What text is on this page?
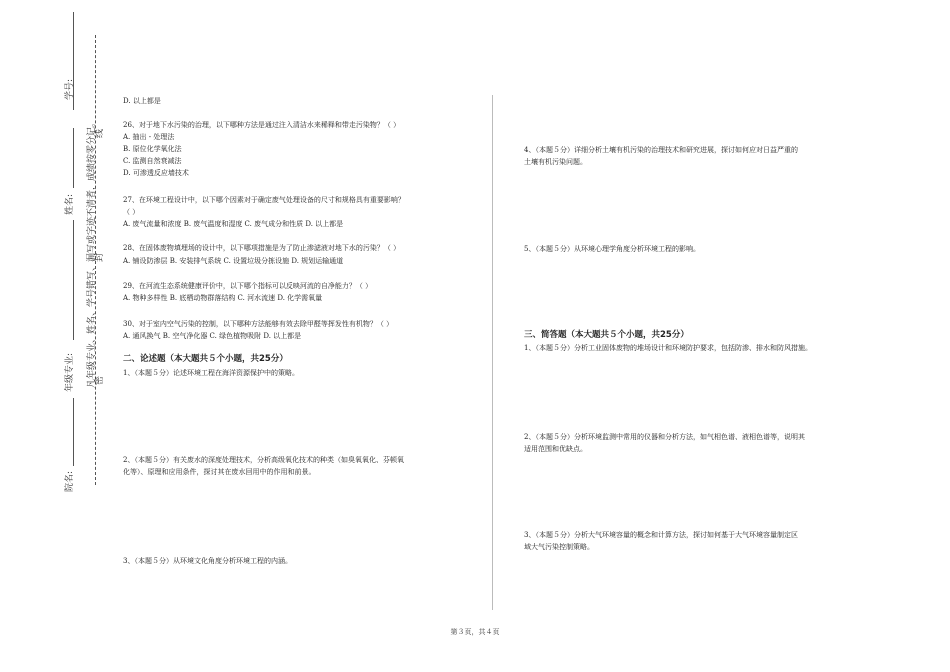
学号:
姓名:
年级专业:
院名:
凡年级专业、姓名、学号错写、漏写或字迹不清者，成绩按零分记。
线
封
密
D. 以上都是
26、对于地下水污染的治理，以下哪种方法是通过注入清洁水来稀释和带走污染物？（ ）
A. 抽出 - 处理法
B. 原位化学氧化法
C. 监测自然衰减法
D. 可渗透反应墙技术
27、在环境工程设计中，以下哪个因素对于确定废气处理设备的尺寸和规格具有重要影响？
（ ）
A. 废气流量和浓度 B. 废气温度和湿度 C. 废气成分和性质 D. 以上都是
28、在固体废物填埋场的设计中，以下哪项措施是为了防止渗滤液对地下水的污染？（ ）
A. 铺设防渗层 B. 安装排气系统 C. 设置垃圾分拣设施 D. 规划运输通道
29、在河流生态系统健康评价中，以下哪个指标可以反映河流的自净能力？（ ）
A. 物种多样性 B. 底栖动物群落结构 C. 河水流速 D. 化学需氧量
30、对于室内空气污染的控制，以下哪种方法能够有效去除甲醛等挥发性有机物？（ ）
A. 通风换气 B. 空气净化器 C. 绿色植物吸附 D. 以上都是
二、论述题（本大题共５个小题，共25分）
1、（本题５分）论述环境工程在海洋资源保护中的策略。
2、（本题５分）有关废水的深度处理技术，分析高级氧化技术的种类（如臭氧氧化、芬顿氧
化等）、原理和应用条件，探讨其在废水回用中的作用和前景。
3、（本题５分）从环境文化角度分析环境工程的内涵。
4、（本题５分）详细分析土壤有机污染的治理技术和研究进展，探讨如何应对日益严重的
土壤有机污染问题。
5、（本题５分）从环境心理学角度分析环境工程的影响。
三、简答题（本大题共５个小题，共25分）
1、（本题５分）分析工业固体废物的堆场设计和环境防护要求，包括防渗、排水和防风措施。
2、（本题５分）分析环境监测中常用的仪器和分析方法，如气相色谱、液相色谱等，说明其
适用范围和优缺点。
3、（本题５分）分析大气环境容量的概念和计算方法，探讨如何基于大气环境容量制定区
域大气污染控制策略。
第３页，共４页
